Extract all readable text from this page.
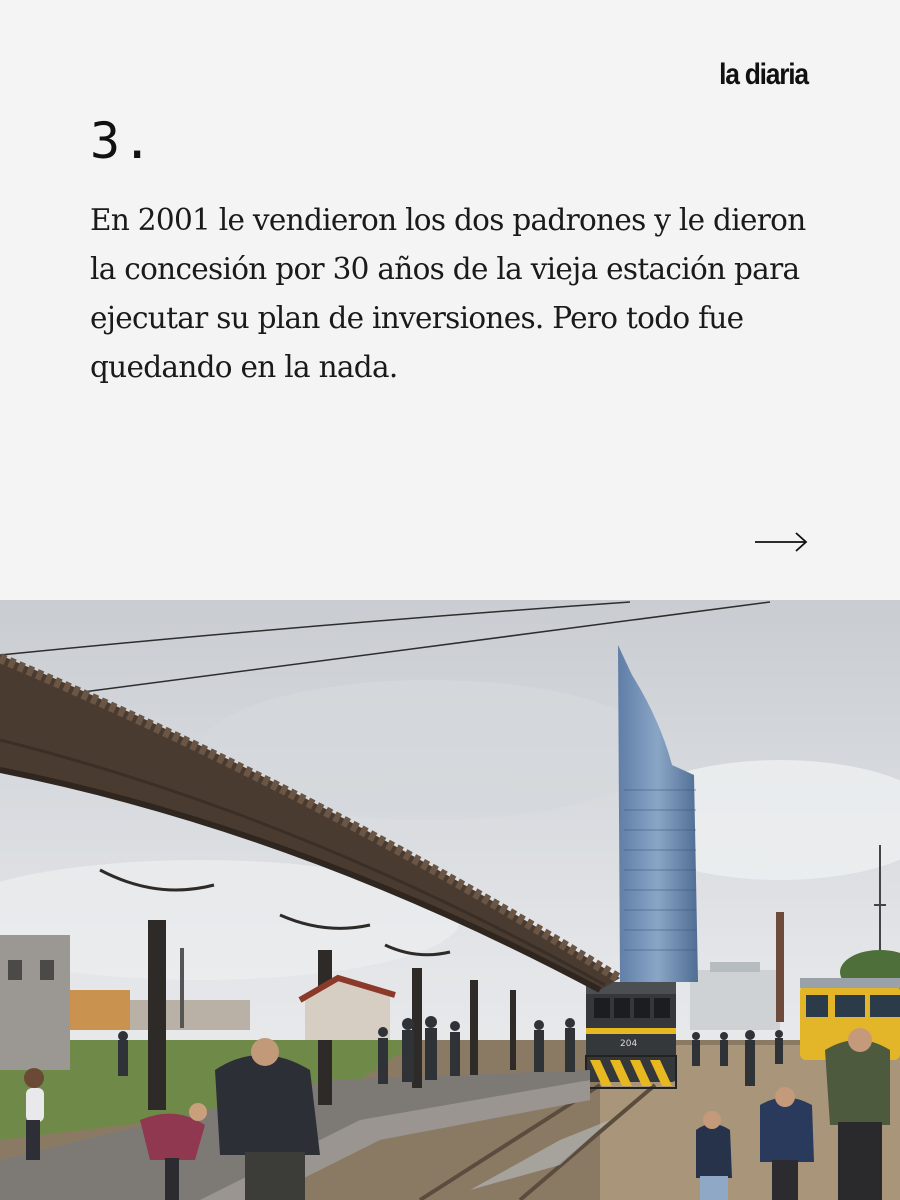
la diaria
3.

En 2001 le vendieron los dos padrones y le dieron la concesión por 30 años de la vieja estación para ejecutar su plan de inversiones. Pero todo fue quedando en la nada.

204
